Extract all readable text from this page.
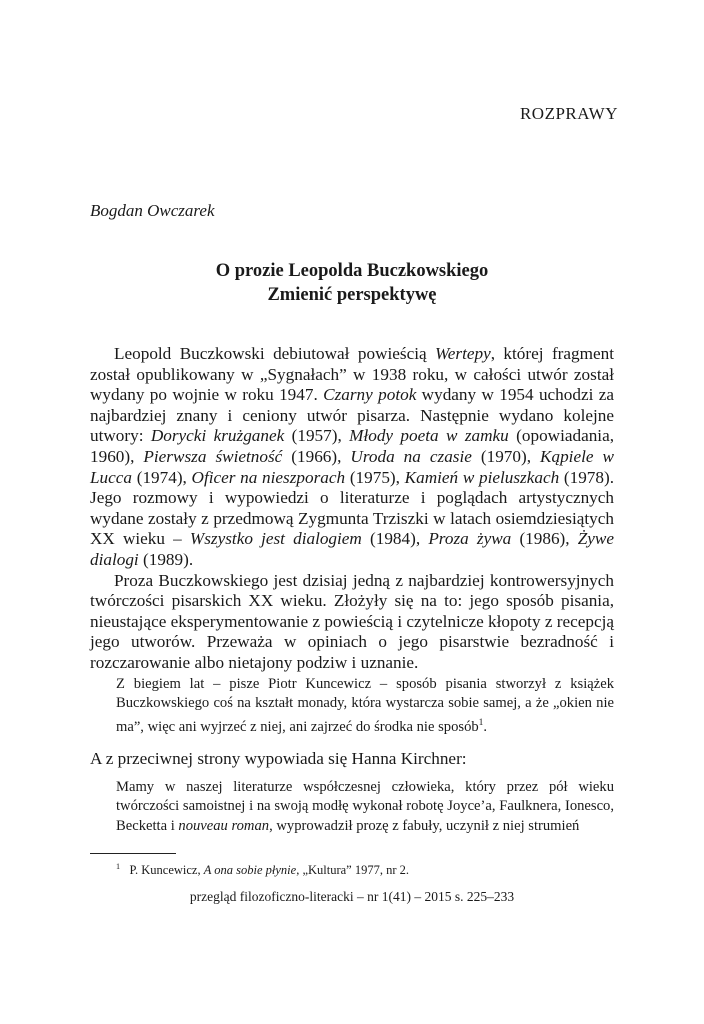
ROZPRAWY
Bogdan Owczarek
O prozie Leopolda Buczkowskiego
Zmienić perspektywę

Leopold Buczkowski debiutował powieścią Wertepy, której fragment został opublikowany w „Sygnałach” w 1938 roku, w całości utwór został wydany po wojnie w roku 1947. Czarny potok wydany w 1954 uchodzi za najbardziej znany i ceniony utwór pisarza. Następnie wydano kolejne utwory: Dorycki krużganek (1957), Młody poeta w zamku (opowiadania, 1960), Pierwsza świetność (1966), Uroda na czasie (1970), Kąpiele w Lucca (1974), Oficer na nieszporach (1975), Kamień w pieluszkach (1978). Jego rozmowy i wypowiedzi o literaturze i poglądach artystycznych wydane zostały z przedmową Zygmunta Trziszki w latach osiemdziesiątych XX wieku – Wszystko jest dialogiem (1984), Proza żywa (1986), Żywe dialogi (1989).

Proza Buczkowskiego jest dzisiaj jedną z najbardziej kontrowersyjnych twórczości pisarskich XX wieku. Złożyły się na to: jego sposób pisania, nieustające eksperymentowanie z powieścią i czytelnicze kłopoty z recepcją jego utworów. Przeważa w opiniach o jego pisarstwie bezradność i rozczarowanie albo nietajony podziw i uznanie.

Z biegiem lat – pisze Piotr Kuncewicz – sposób pisania stworzył z książek Buczkowskiego coś na kształt monady, która wystarcza sobie samej, a że „okien nie ma”, więc ani wyjrzeć z niej, ani zajrzeć do środka nie sposób$^1$.

A z przeciwnej strony wypowiada się Hanna Kirchner:

Mamy w naszej literaturze współczesnej człowieka, który przez pół wieku twórczości samoistnej i na swoją modłę wykonał robotę Joyce’a, Faulknera, Ionesco, Becketta i nouveau roman, wyprowadził prozę z fabuły, uczynił z niej strumień

$^1$ P. Kuncewicz, A ona sobie płynie, „Kultura” 1977, nr 2.
przegląd filozoficzno-literacki – nr 1(41) – 2015 s. 225–233
